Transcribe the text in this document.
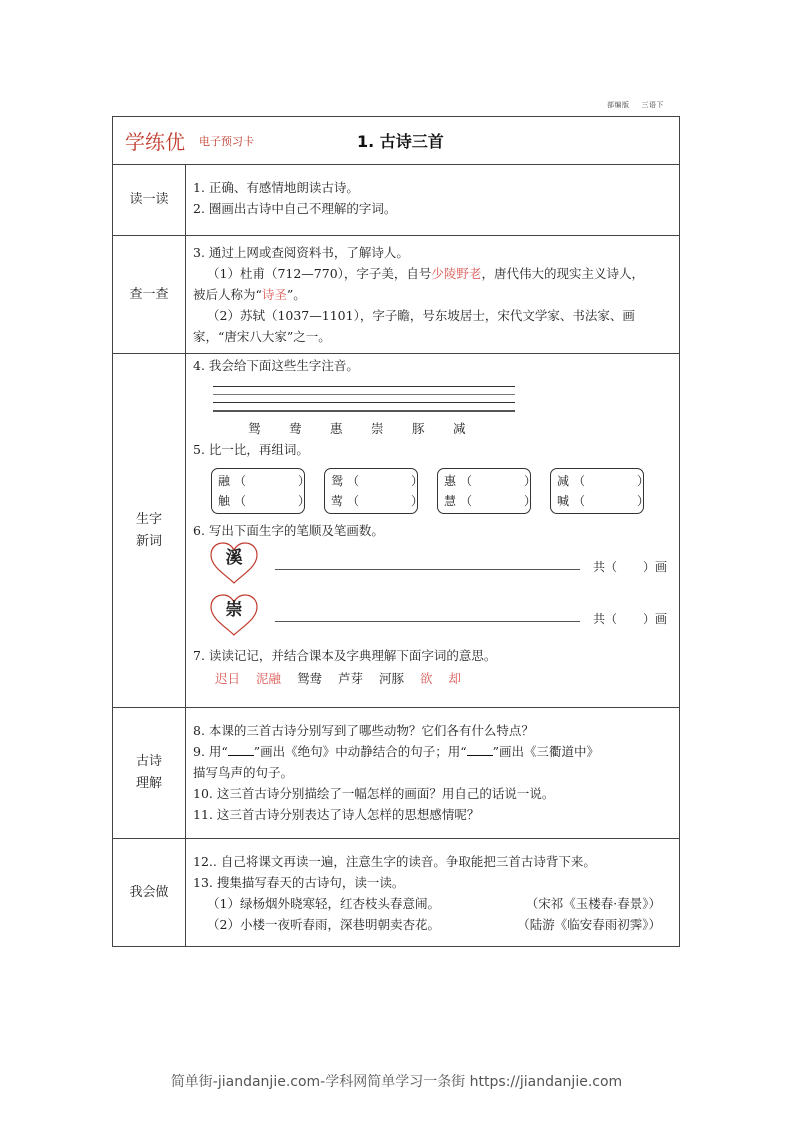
部编版 三语下
学练优 电子预习卡	1. 古诗三首
读一读
1. 正确、有感情地朗读古诗。
2. 圈画出古诗中自己不理解的字词。
查一查
3. 通过上网或查阅资料书，了解诗人。
（1）杜甫（712—770），字子美，自号少陵野老，唐代伟大的现实主义诗人，
被后人称为“诗圣”。
（2）苏轼（1037—1101），字子瞻，号东坡居士，宋代文学家、书法家、画
家，“唐宋八大家”之一。
生字
新词
4. 我会给下面这些生字注音。
鸳	鸯	惠	崇	豚	减
5. 比一比，再组词。
融 （	）
触 （	）
鸳 （	）
莺 （	）
惠 （	）
慧 （	）
减 （	）
喊 （	）
6. 写出下面生字的笔顺及笔画数。
溪	共（ ）画
崇	共（ ）画
7. 读读记记，并结合课本及字典理解下面字词的意思。
迟日 泥融 鸳鸯 芦芽 河豚 欲 却
古诗
理解
8. 本课的三首古诗分别写到了哪些动物？它们各有什么特点？
9. 用“ ”画出《绝句》中动静结合的句子；用“ ”画出《三衢道中》
描写鸟声的句子。
10. 这三首古诗分别描绘了一幅怎样的画面？用自己的话说一说。
11. 这三首古诗分别表达了诗人怎样的思想感情呢？
我会做
12.. 自己将课文再读一遍，注意生字的读音。争取能把三首古诗背下来。
13. 搜集描写春天的古诗句，读一读。
（1）绿杨烟外晓寒轻，红杏枝头春意闹。	（宋祁《玉楼春·春景》）
（2）小楼一夜听春雨，深巷明朝卖杏花。	（陆游《临安春雨初霁》）
简单街-jiandanjie.com-学科网简单学习一条街 https://jiandanjie.com
